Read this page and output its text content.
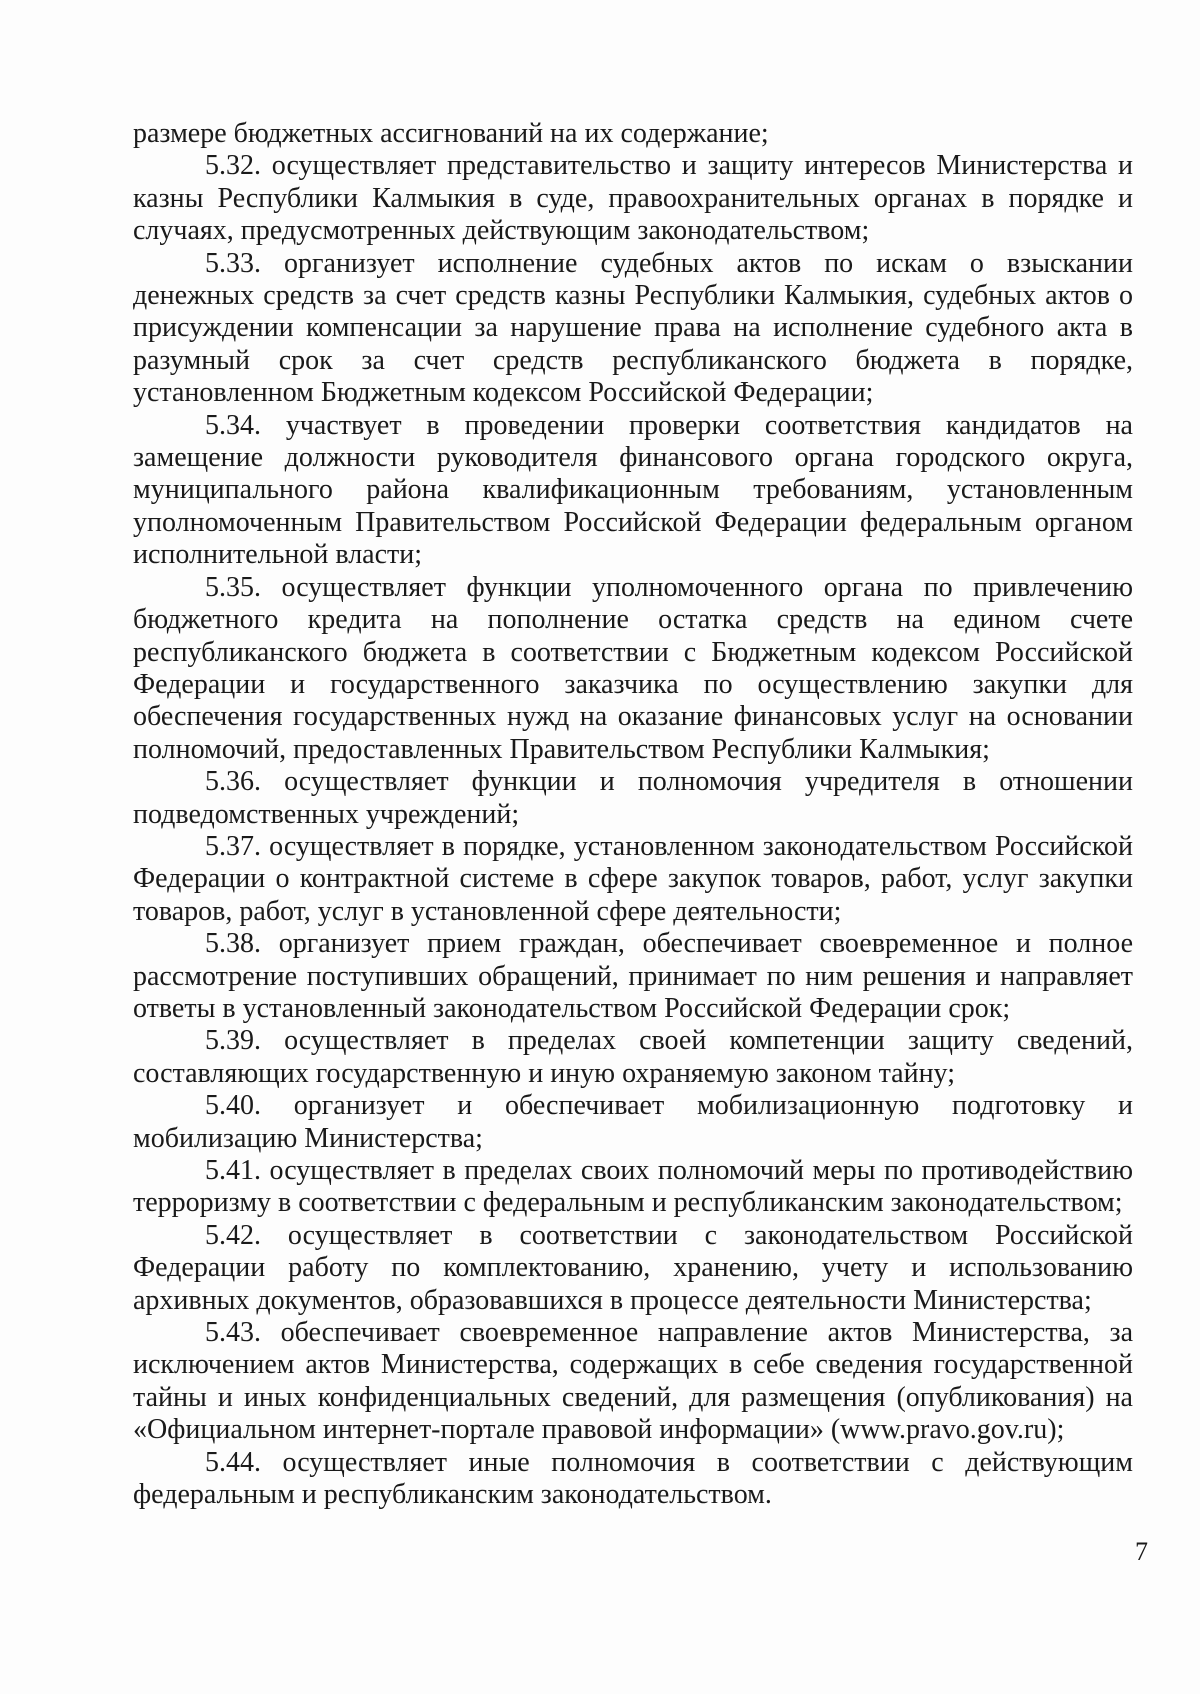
размере бюджетных ассигнований на их содержание;

5.32. осуществляет представительство и защиту интересов Министерства и казны Республики Калмыкия в суде, правоохранительных органах в порядке и случаях, предусмотренных действующим законодательством;

5.33. организует исполнение судебных актов по искам о взыскании денежных средств за счет средств казны Республики Калмыкия, судебных актов о присуждении компенсации за нарушение права на исполнение судебного акта в разумный срок за счет средств республиканского бюджета в порядке, установленном Бюджетным кодексом Российской Федерации;

5.34. участвует в проведении проверки соответствия кандидатов на замещение должности руководителя финансового органа городского округа, муниципального района квалификационным требованиям, установленным уполномоченным Правительством Российской Федерации федеральным органом исполнительной власти;

5.35. осуществляет функции уполномоченного органа по привлечению бюджетного кредита на пополнение остатка средств на едином счете республиканского бюджета в соответствии с Бюджетным кодексом Российской Федерации и государственного заказчика по осуществлению закупки для обеспечения государственных нужд на оказание финансовых услуг на основании полномочий, предоставленных Правительством Республики Калмыкия;

5.36. осуществляет функции и полномочия учредителя в отношении подведомственных учреждений;

5.37. осуществляет в порядке, установленном законодательством Российской Федерации о контрактной системе в сфере закупок товаров, работ, услуг закупки товаров, работ, услуг в установленной сфере деятельности;

5.38. организует прием граждан, обеспечивает своевременное и полное рассмотрение поступивших обращений, принимает по ним решения и направляет ответы в установленный законодательством Российской Федерации срок;

5.39. осуществляет в пределах своей компетенции защиту сведений, составляющих государственную и иную охраняемую законом тайну;

5.40. организует и обеспечивает мобилизационную подготовку и мобилизацию Министерства;

5.41. осуществляет в пределах своих полномочий меры по противодействию терроризму в соответствии с федеральным и республиканским законодательством;

5.42. осуществляет в соответствии с законодательством Российской Федерации работу по комплектованию, хранению, учету и использованию архивных документов, образовавшихся в процессе деятельности Министерства;

5.43. обеспечивает своевременное направление актов Министерства, за исключением актов Министерства, содержащих в себе сведения государственной тайны и иных конфиденциальных сведений, для размещения (опубликования) на «Официальном интернет-портале правовой информации» (www.pravo.gov.ru);

5.44. осуществляет иные полномочия в соответствии с действующим федеральным и республиканским законодательством.

7
